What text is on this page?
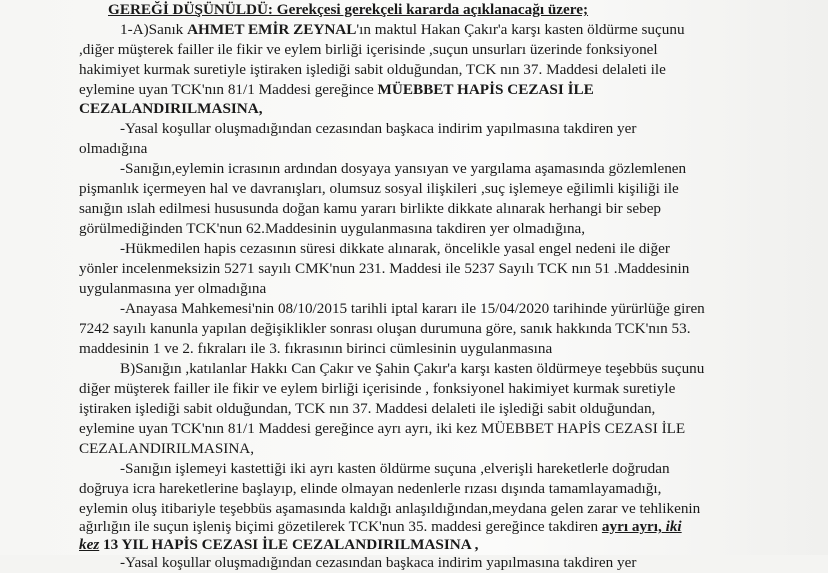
GEREĞİ DÜŞÜNÜLDÜ: Gerekçesi gerekçeli kararda açıklanacağı üzere;

1-A)Sanık AHMET EMİR ZEYNAL'ın maktul Hakan Çakır'a karşı kasten öldürme suçunu

,diğer müşterek failler ile fikir ve eylem birliği içerisinde ,suçun unsurları üzerinde fonksiyonel

hakimiyet kurmak suretiyle iştiraken işlediği sabit olduğundan, TCK nın 37. Maddesi delaleti ile

eylemine uyan TCK'nın 81/1 Maddesi gereğince MÜEBBET HAPİS CEZASI İLE

CEZALANDIRILMASINA,

-Yasal koşullar oluşmadığından cezasından başkaca indirim yapılmasına takdiren yer

olmadığına

-Sanığın,eylemin icrasının ardından dosyaya yansıyan ve yargılama aşamasında gözlemlenen

pişmanlık içermeyen hal ve davranışları, olumsuz sosyal ilişkileri ,suç işlemeye eğilimli kişiliği ile

sanığın ıslah edilmesi hususunda doğan kamu yararı birlikte dikkate alınarak herhangi bir sebep

görülmediğinden TCK'nun 62.Maddesinin uygulanmasına takdiren yer olmadığına,

-Hükmedilen hapis cezasının süresi dikkate alınarak, öncelikle yasal engel nedeni ile diğer

yönler incelenmeksizin 5271 sayılı CMK'nun 231. Maddesi ile 5237 Sayılı TCK nın 51 .Maddesinin

uygulanmasına yer olmadığına

-Anayasa Mahkemesi'nin 08/10/2015 tarihli iptal kararı ile 15/04/2020 tarihinde yürürlüğe giren

7242 sayılı kanunla yapılan değişiklikler sonrası oluşan durumuna göre, sanık hakkında TCK'nın 53.

maddesinin 1 ve 2. fıkraları ile 3. fıkrasının birinci cümlesinin uygulanmasına

B)Sanığın ,katılanlar Hakkı Can Çakır ve Şahin Çakır'a karşı kasten öldürmeye teşebbüs suçunu

diğer müşterek failler ile fikir ve eylem birliği içerisinde , fonksiyonel hakimiyet kurmak suretiyle

iştiraken işlediği sabit olduğundan, TCK nın 37. Maddesi delaleti ile işlediği sabit olduğundan,

eylemine uyan TCK'nın 81/1 Maddesi gereğince ayrı ayrı, iki kez MÜEBBET HAPİS CEZASI İLE

CEZALANDIRILMASINA,

-Sanığın işlemeyi kastettiği iki ayrı kasten öldürme suçuna ,elverişli hareketlerle doğrudan

doğruya icra hareketlerine başlayıp, elinde olmayan nedenlerle rızası dışında tamamlayamadığı,

eylemin oluş itibariyle teşebbüs aşamasında kaldığı anlaşıldığından,meydana gelen zarar ve tehlikenin

ağırlığın ile suçun işleniş biçimi gözetilerek TCK'nun 35. maddesi gereğince takdiren ayrı ayrı, iki

kez 13 YIL HAPİS CEZASI İLE CEZALANDIRILMASINA ,

-Yasal koşullar oluşmadığından cezasından başkaca indirim yapılmasına takdiren yer
